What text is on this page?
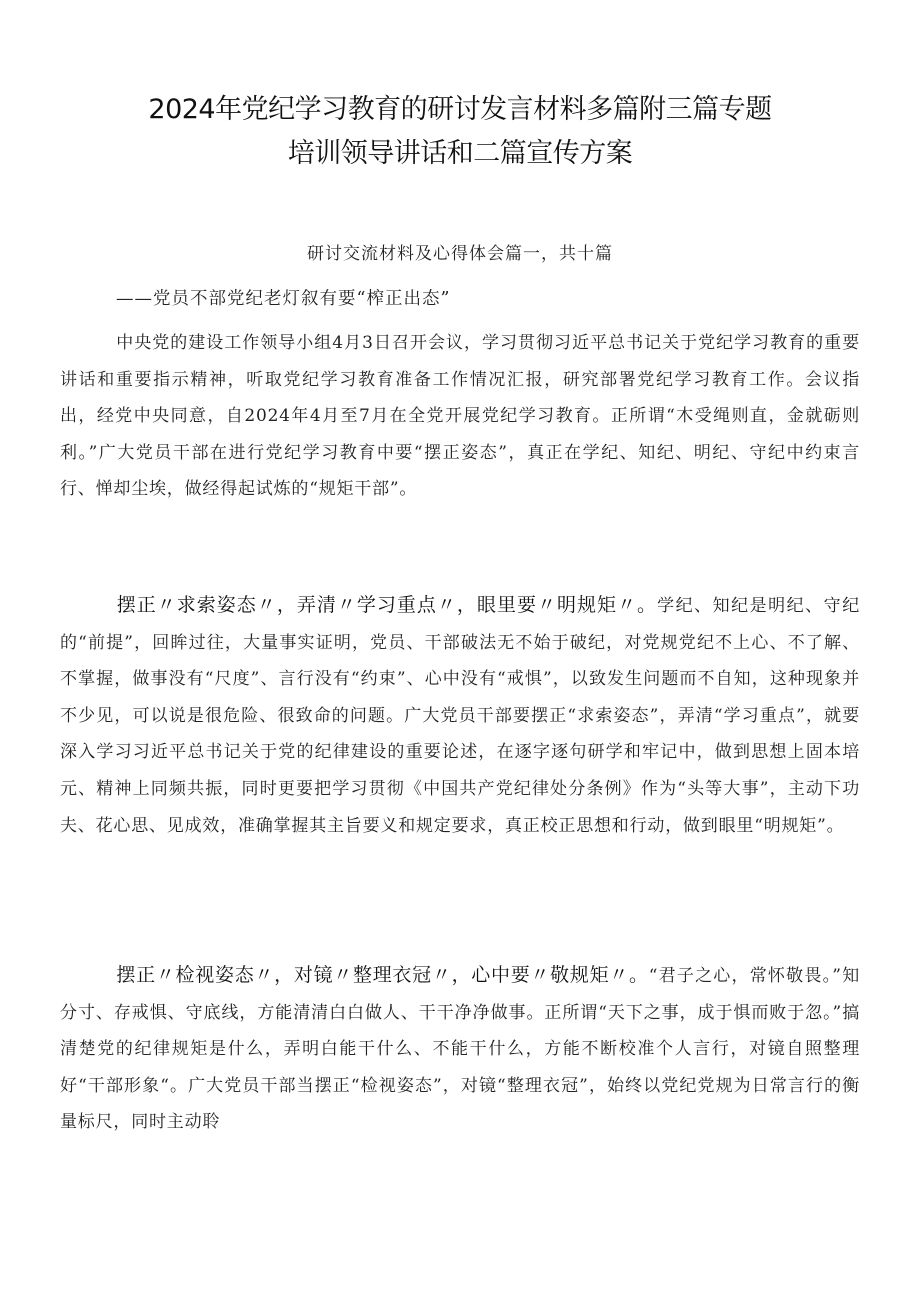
2024年党纪学习教育的研讨发言材料多篇附三篇专题
培训领导讲话和二篇宣传方案
研讨交流材料及心得体会篇一，共十篇
——党员不部党纪老灯叙有要“榨正出态”
中央党的建设工作领导小组4月3日召开会议，学习贯彻习近平总书记关于党纪学习教育的重要讲话和重要指示精神，听取党纪学习教育准备工作情况汇报，研究部署党纪学习教育工作。会议指出，经党中央同意，自2024年4月至7月在全党开展党纪学习教育。正所谓“木受绳则直，金就砺则利。”广大党员干部在进行党纪学习教育中要“摆正姿态”，真正在学纪、知纪、明纪、守纪中约束言行、惮却尘埃，做经得起试炼的“规矩干部”。
摆正〃求索姿态〃，弄清〃学习重点〃，眼里要〃明规矩〃。学纪、知纪是明纪、守纪的“前提”，回眸过往，大量事实证明，党员、干部破法无不始于破纪，对党规党纪不上心、不了解、不掌握，做事没有“尺度”、言行没有“约束”、心中没有“戒惧”，以致发生问题而不自知，这种现象并不少见，可以说是很危险、很致命的问题。广大党员干部要摆正“求索姿态”，弄清“学习重点”，就要深入学习习近平总书记关于党的纪律建设的重要论述，在逐字逐句研学和牢记中，做到思想上固本培元、精神上同频共振，同时更要把学习贯彻《中国共产党纪律处分条例》作为“头等大事”，主动下功夫、花心思、见成效，准确掌握其主旨要义和规定要求，真正校正思想和行动，做到眼里“明规矩”。
摆正〃检视姿态〃，对镜〃整理衣冠〃，心中要〃敬规矩〃。“君子之心，常怀敬畏。”知分寸、存戒惧、守底线，方能清清白白做人、干干净净做事。正所谓“天下之事，成于惧而败于忽。”搞清楚党的纪律规矩是什么，弄明白能干什么、不能干什么，方能不断校准个人言行，对镜自照整理好“干部形象“。广大党员干部当摆正“检视姿态”，对镜“整理衣冠”，始终以党纪党规为日常言行的衡量标尺，同时主动聆
